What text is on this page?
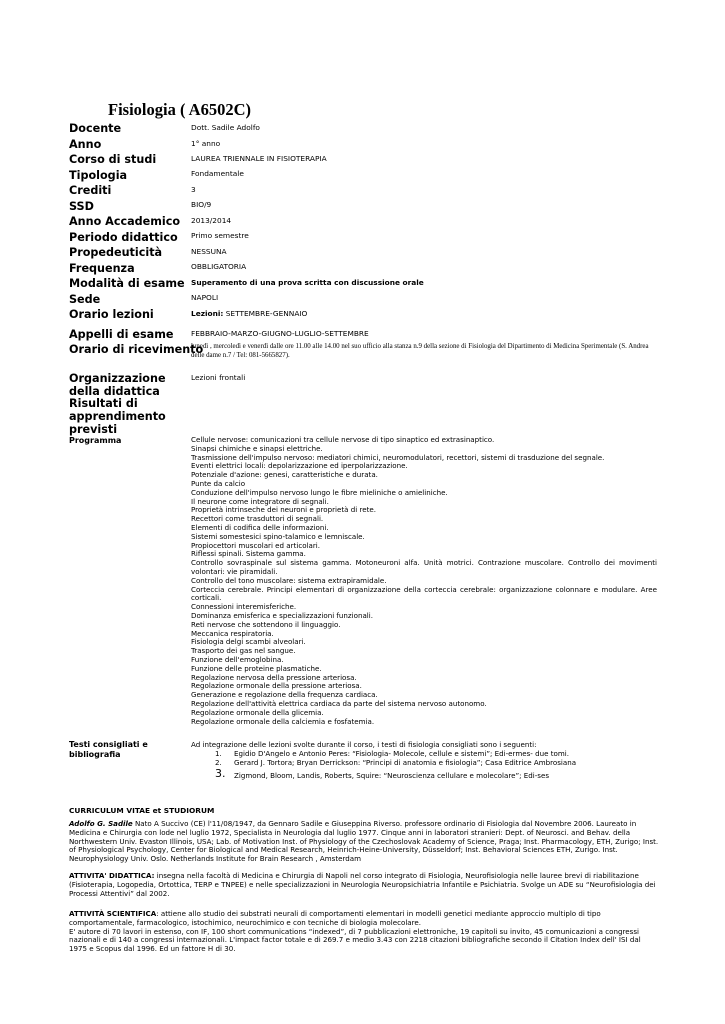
Fisiologia ( A6502C)
Docente
Anno
Corso di studi
Tipologia
Crediti
SSD
Anno Accademico
Periodo didattico
Propedeuticità
Frequenza
Modalità di esame
Sede
Orario lezioni
Appelli di esame
Orario di ricevimento
Organizzazione della didattica
Risultati di apprendimento previsti
Programma
Testi consigliati e bibliografia
Dott. Sadile Adolfo
1° anno
LAUREA TRIENNALE IN FISIOTERAPIA
Fondamentale
3
BIO/9
2013/2014
Primo semestre
NESSUNA
OBBLIGATORIA
Superamento di una prova scritta con discussione orale
NAPOLI
Lezioni: SETTEMBRE-GENNAIO
FEBBRAIO-MARZO-GIUGNO-LUGLIO-SETTEMBRE
lunedì , mercoledì e venerdì dalle ore 11.00 alle 14.00 nel suo ufficio alla stanza n.9 della sezione di Fisiologia del Dipartimento di Medicina Sperimentale (S. Andrea delle dame n.7 / Tel: 081-5665827).
Lezioni frontali
Cellule nervose: comunicazioni tra cellule nervose di tipo sinaptico ed extrasinaptico.
Sinapsi chimiche e sinapsi elettriche.
Trasmissione dell'impulso nervoso: mediatori chimici, neuromodulatori, recettori, sistemi di trasduzione del segnale.
Eventi elettrici locali: depolarizzazione ed iperpolarizzazione.
Potenziale d'azione: genesi, caratteristiche e durata.
Punte da calcio
Conduzione dell'impulso nervoso lungo le fibre mieliniche o amieliniche.
Il neurone come integratore di segnali.
Proprietà intrinseche dei neuroni e proprietà di rete.
Recettori come trasduttori di segnali.
Elementi di codifica delle informazioni.
Sistemi somestesici spino-talamico e lemniscale.
Propiocettori muscolari ed articolari.
Riflessi spinali. Sistema gamma.
Controllo sovraspinale sul sistema gamma. Motoneuroni alfa. Unità motrici. Contrazione muscolare. Controllo dei movimenti volontari: vie piramidali.
Controllo del tono muscolare: sistema extrapiramidale.
Corteccia cerebrale. Principi elementari di organizzazione della corteccia cerebrale: organizzazione colonnare e modulare. Aree corticali.
Connessioni interemisferiche.
Dominanza emisferica e specializzazioni funzionali.
Reti nervose che sottendono il linguaggio.
Meccanica respiratoria.
Fisiologia delgi scambi alveolari.
Trasporto dei gas nel sangue.
Funzione dell'emoglobina.
Funzione delle proteine plasmatiche.
Regolazione nervosa della pressione arteriosa.
Regolazione ormonale della pressione arteriosa.
Generazione e regolazione della frequenza cardiaca.
Regolazione dell'attività elettrica cardiaca da parte del sistema nervoso autonomo.
Regolazione ormonale della glicemia.
Regolazione ormonale della calciemia e fosfatemia.
Ad integrazione delle lezioni svolte durante il corso, i testi di fisiologia consigliati sono i seguenti:
1. Egidio D'Angelo e Antonio Peres: “Fisiologia- Molecole, cellule e sistemi”; Edi-ermes- due tomi.
2. Gerard J. Tortora; Bryan Derrickson: “Principi di anatomia e fisiologia”; Casa Editrice Ambrosiana
3. Zigmond, Bloom, Landis, Roberts, Squire: “Neuroscienza cellulare e molecolare”; Edi-ses
CURRICULUM VITAE et STUDIORUM
Adolfo G. Sadile Nato A Succivo (CE) l'11/08/1947, da Gennaro Sadile e Giuseppina Riverso. professore ordinario di Fisiologia dal Novembre 2006. Laureato in Medicina e Chirurgia con lode nel luglio 1972, Specialista in Neurologia dal luglio 1977. Cinque anni in laboratori stranieri: Dept. of Neurosci. and Behav. della Northwestern Univ. Evaston Illinois, USA; Lab. of Motivation Inst. of Physiology of the Czechoslovak Academy of Science, Praga; Inst. Pharmacology, ETH, Zurigo; Inst. of Physiological Psychology, Center for Biological and Medical Research, Heinrich-Heine-University, Düsseldorf; Inst. Behavioral Sciences ETH, Zurigo. Inst. Neurophysiology Univ. Oslo. Netherlands Institute for Brain Research , Amsterdam
ATTIVITA' DIDATTICA: insegna nella facoltà di Medicina e Chirurgia di Napoli nel corso integrato di Fisiologia, Neurofisiologia nelle lauree brevi di riabilitazione (Fisioterapia, Logopedia, Ortottica, TERP e TNPEE) e nelle specializzazioni in Neurologia Neuropsichiatria Infantile e Psichiatria. Svolge un ADE su “Neurofisiologia dei Processi Attentivi” dal 2002.
ATTIVITÀ SCIENTIFICA: attiene allo studio dei substrati neurali di comportamenti elementari in modelli genetici mediante approccio multiplo di tipo comportamentale, farmacologico, istochimico, neurochimico e con tecniche di biologia molecolare.
E' autore di 70 lavori in estenso, con IF, 100 short communications “indexed”, di 7 pubblicazioni elettroniche, 19 capitoli su invito, 45 comunicazioni a congressi nazionali e di 140 a congressi internazionali. L'impact factor totale e di 269.7 e medio 3.43 con 2218 citazioni bibliografiche secondo il Citation Index dell' ISI dal 1975 e Scopus dal 1996. Ed un fattore H di 30.
